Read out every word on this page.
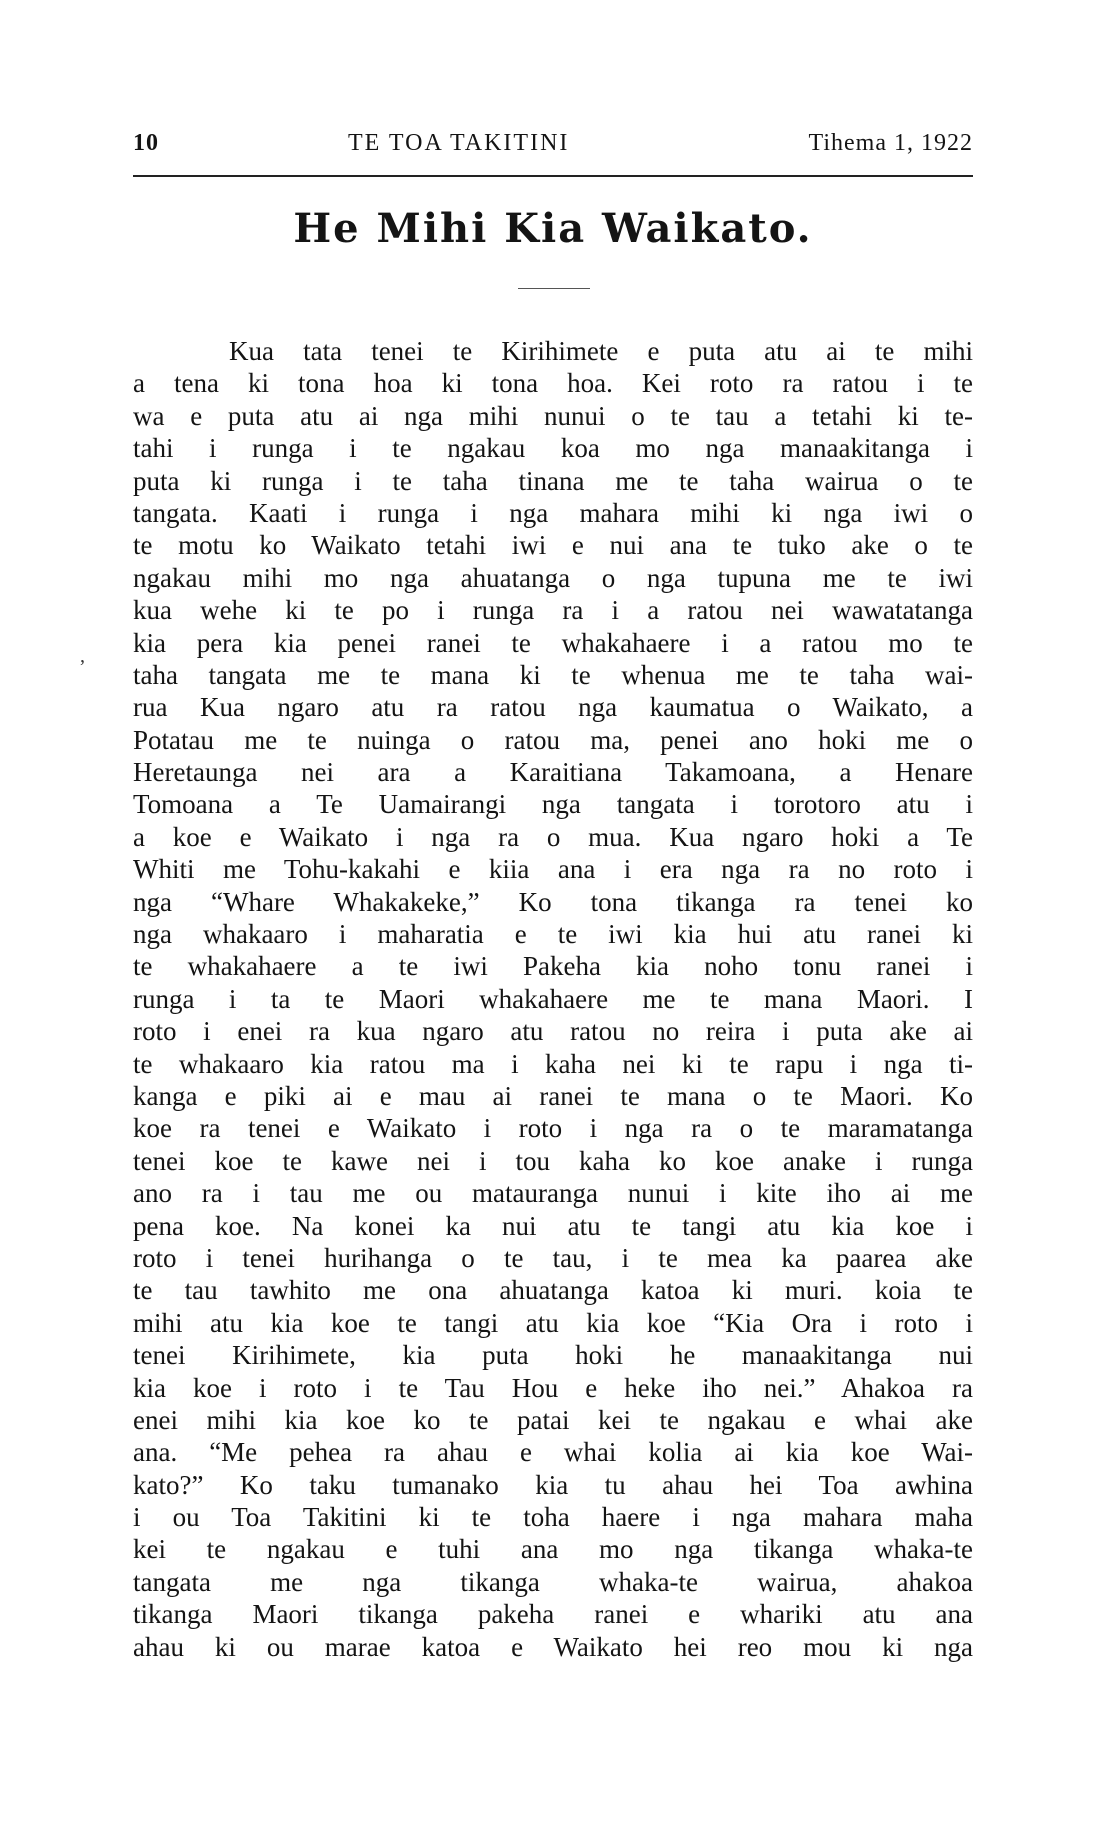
10	TE TOA TAKITINI	Tihema 1, 1922
He Mihi Kia Waikato.
,
Kua tata tenei te Kirihimete e puta atu ai te mihi
a tena ki tona hoa ki tona hoa. Kei roto ra ratou i te
wa e puta atu ai nga mihi nunui o te tau a tetahi ki te-
tahi i runga i te ngakau koa mo nga manaakitanga i
puta ki runga i te taha tinana me te taha wairua o te
tangata. Kaati i runga i nga mahara mihi ki nga iwi o
te motu ko Waikato tetahi iwi e nui ana te tuko ake o te
ngakau mihi mo nga ahuatanga o nga tupuna me te iwi
kua wehe ki te po i runga ra i a ratou nei wawatatanga
kia pera kia penei ranei te whakahaere i a ratou mo te
taha tangata me te mana ki te whenua me te taha wai-
rua Kua ngaro atu ra ratou nga kaumatua o Waikato, a
Potatau me te nuinga o ratou ma, penei ano hoki me o
Heretaunga nei ara a Karaitiana Takamoana, a Henare
Tomoana a Te Uamairangi nga tangata i torotoro atu i
a koe e Waikato i nga ra o mua. Kua ngaro hoki a Te
Whiti me Tohu-kakahi e kiia ana i era nga ra no roto i
nga “Whare Whakakeke,” Ko tona tikanga ra tenei ko
nga whakaaro i maharatia e te iwi kia hui atu ranei ki
te whakahaere a te iwi Pakeha kia noho tonu ranei i
runga i ta te Maori whakahaere me te mana Maori. I
roto i enei ra kua ngaro atu ratou no reira i puta ake ai
te whakaaro kia ratou ma i kaha nei ki te rapu i nga ti-
kanga e piki ai e mau ai ranei te mana o te Maori. Ko
koe ra tenei e Waikato i roto i nga ra o te maramatanga
tenei koe te kawe nei i tou kaha ko koe anake i runga
ano ra i tau me ou matauranga nunui i kite iho ai me
pena koe. Na konei ka nui atu te tangi atu kia koe i
roto i tenei hurihanga o te tau, i te mea ka paarea ake
te tau tawhito me ona ahuatanga katoa ki muri. koia te
mihi atu kia koe te tangi atu kia koe “Kia Ora i roto i
tenei Kirihimete, kia puta hoki he manaakitanga nui
kia koe i roto i te Tau Hou e heke iho nei.” Ahakoa ra
enei mihi kia koe ko te patai kei te ngakau e whai ake
ana. “Me pehea ra ahau e whai kolia ai kia koe Wai-
kato?” Ko taku tumanako kia tu ahau hei Toa awhina
i ou Toa Takitini ki te toha haere i nga mahara maha
kei te ngakau e tuhi ana mo nga tikanga whaka-te
tangata me nga tikanga whaka-te wairua, ahakoa
tikanga Maori tikanga pakeha ranei e whariki atu ana
ahau ki ou marae katoa e Waikato hei reo mou ki nga
